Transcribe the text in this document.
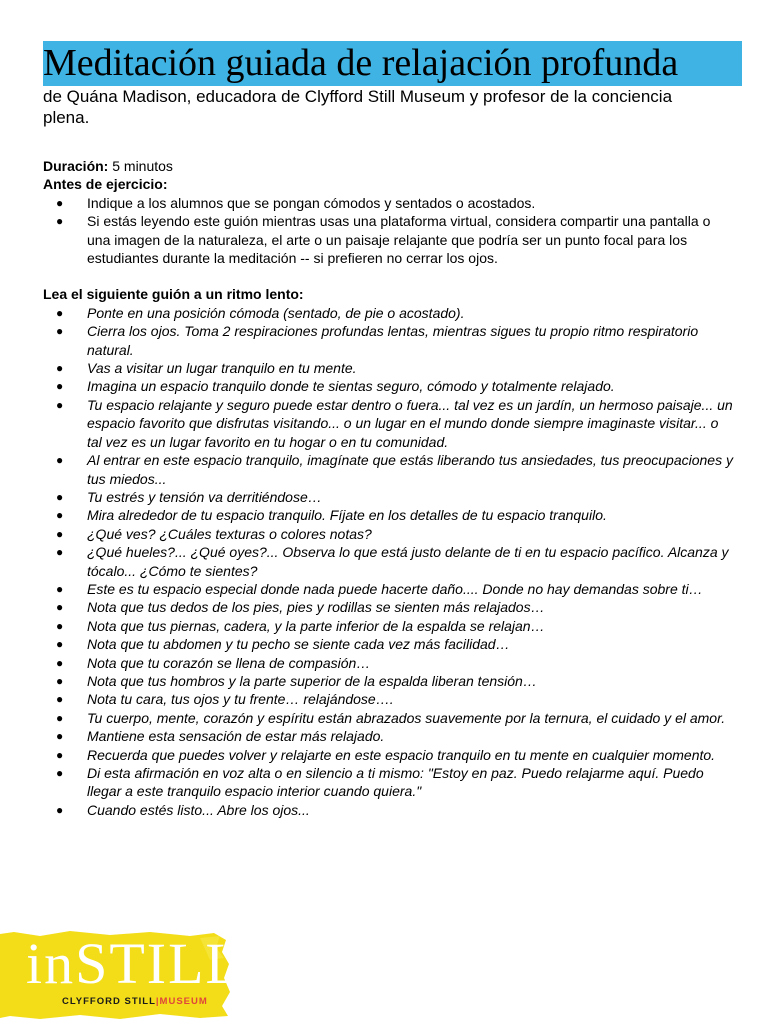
Meditación guiada de relajación profunda

de Quána Madison, educadora de Clyfford Still Museum y profesor de la conciencia plena.

Duración: 5 minutos

Antes de ejercicio:

● Indique a los alumnos que se pongan cómodos y sentados o acostados.
● Si estás leyendo este guión mientras usas una plataforma virtual, considera compartir una pantalla o una imagen de la naturaleza, el arte o un paisaje relajante que podría ser un punto focal para los estudiantes durante la meditación -- si prefieren no cerrar los ojos.

Lea el siguiente guión a un ritmo lento:

● Ponte en una posición cómoda (sentado, de pie o acostado).
● Cierra los ojos. Toma 2 respiraciones profundas lentas, mientras sigues tu propio ritmo respiratorio natural.
● Vas a visitar un lugar tranquilo en tu mente.
● Imagina un espacio tranquilo donde te sientas seguro, cómodo y totalmente relajado.
● Tu espacio relajante y seguro puede estar dentro o fuera... tal vez es un jardín, un hermoso paisaje... un espacio favorito que disfrutas visitando... o un lugar en el mundo donde siempre imaginaste visitar... o tal vez es un lugar favorito en tu hogar o en tu comunidad.
● Al entrar en este espacio tranquilo, imagínate que estás liberando tus ansiedades, tus preocupaciones y tus miedos...
● Tu estrés y tensión va derritiéndose…
● Mira alrededor de tu espacio tranquilo. Fíjate en los detalles de tu espacio tranquilo.
● ¿Qué ves? ¿Cuáles texturas o colores notas?
● ¿Qué hueles?... ¿Qué oyes?... Observa lo que está justo delante de ti en tu espacio pacífico. Alcanza y tócalo... ¿Cómo te sientes?
● Este es tu espacio especial donde nada puede hacerte daño.... Donde no hay demandas sobre ti…
● Nota que tus dedos de los pies, pies y rodillas se sienten más relajados…
● Nota que tus piernas, cadera, y la parte inferior de la espalda se relajan…
● Nota que tu abdomen y tu pecho se siente cada vez más facilidad…
● Nota que tu corazón se llena de compasión…
● Nota que tus hombros y la parte superior de la espalda liberan tensión…
● Nota tu cara, tus ojos y tu frente… relajándose….
● Tu cuerpo, mente, corazón y espíritu están abrazados suavemente por la ternura, el cuidado y el amor.
● Mantiene esta sensación de estar más relajado.
● Recuerda que puedes volver y relajarte en este espacio tranquilo en tu mente en cualquier momento.
● Di esta afirmación en voz alta o en silencio a ti mismo: "Estoy en paz. Puedo relajarme aquí. Puedo llegar a este tranquilo espacio interior cuando quiera."
● Cuando estés listo... Abre los ojos...
inSTILL
CLYFFORD STILL|MUSEUM
